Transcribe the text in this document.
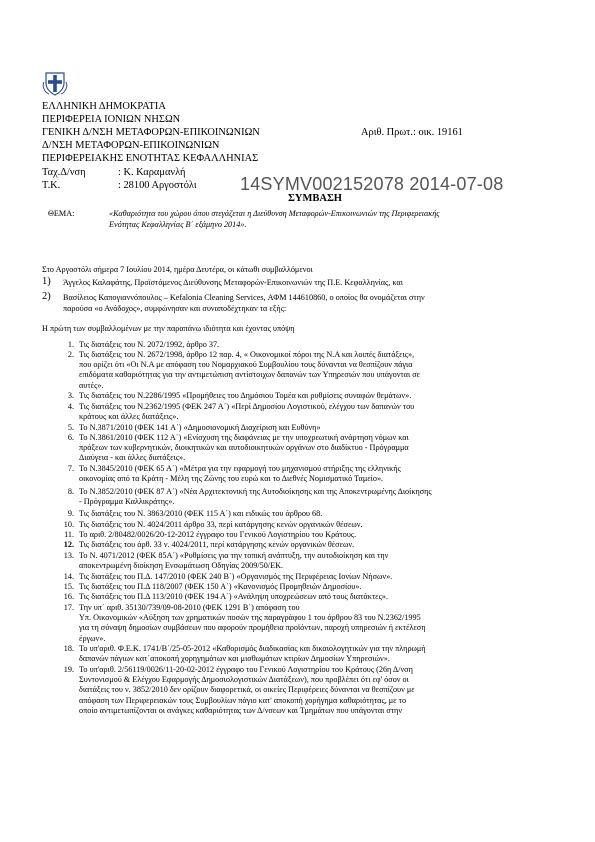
ΕΛΛΗΝΙΚΗ ΔΗΜΟΚΡΑΤΙΑ
ΠΕΡΙΦΕΡΕΙΑ ΙΟΝΙΩΝ ΝΗΣΩΝ
ΓΕΝΙΚΗ Δ/ΝΣΗ ΜΕΤΑΦΟΡΩΝ-ΕΠΙΚΟΙΝΩΝΙΩΝ	Αριθ. Πρωτ.: οικ. 19161
Δ/ΝΣΗ ΜΕΤΑΦΟΡΩΝ-ΕΠΙΚΟΙΝΩΝΙΩΝ
ΠΕΡΙΦΕΡΕΙΑΚΗΣ ΕΝΟΤΗΤΑΣ ΚΕΦΑΛΛΗΝΙΑΣ
Ταχ.Δ/νση	: Κ. Καραμανλή
Τ.Κ.	: 28100 Αργοστόλι 14SYMV002152078 2014-07-08
ΣΥΜΒΑΣΗ
ΘΕΜΑ:	«Καθαριότητα του χώρου όπου στεγάζεται η Διεύθυνση Μεταφορών-Επικοινωνιών της Περιφερειακής
Ενότητας Κεφαλληνίας Β΄ εξάμηνο 2014».
Στο Αργοστόλι σήμερα 7 Ιουλίου 2014, ημέρα Δευτέρα, οι κάτωθι συμβαλλόμενοι
1) Άγγελος Καλαφάτης, Προϊστάμενος Διεύθυνσης Μεταφορών-Επικοινωνιών της Π.Ε. Κεφαλληνίας, και
2) Βασίλειος Καπογιαννόπουλος – Kefalonia Cleaning Services, ΑΦΜ 144610860, ο οποίος θα ονομάζεται στην
παρούσα «ο Ανάδοχος», συμφώνησαν και συναποδέχτηκαν τα εξής:
Η πρώτη των συμβαλλομένων με την παραπάνω ιδιότητα και έχοντας υπόψη
1. Τις διατάξεις του Ν. 2072/1992, άρθρο 37.
2. Τις διατάξεις του Ν. 2672/1998, άρθρο 12 παρ. 4, « Οικονομικοί πόροι της Ν.Α και λοιπές διατάξεις»,
που ορίζει ότι «Οι Ν.Α με απόφαση του Νομαρχιακού Συμβουλίου τους δύνανται να θεσπίζουν πάγια
επιδόματα καθαριότητας για την αντιμετώπιση αντίστοιχων δαπανών των Υπηρεσιών που υπάγονται σε
αυτές».
3. Τις διατάξεις του Ν.2286/1995 «Προμήθειες του Δημόσιου Τομέα και ρυθμίσεις συναφών θεμάτων».
4. Τις διατάξεις του Ν.2362/1995 (ΦΕΚ 247 Α΄) «Περί Δημοσίου Λογιστικού, ελέγχου των δαπανών του
κράτους και άλλες διατάξεις».
5. Το Ν.3871/2010 (ΦΕΚ 141 Α΄) «Δημοσιονομική Διαχείριση και Ευθύνη»
6. Το Ν.3861/2010 (ΦΕΚ 112 Α΄) «Ενίσχυση της διαφάνειας με την υποχρεωτική ανάρτηση νόμων και
πράξεων των κυβερνητικών, διοικητικών και αυτοδιοικητικών οργάνων στο διαδίκτυο - Πρόγραμμα
Διαύγεια - και άλλες διατάξεις».
7. Το Ν.3845/2010 (ΦΕΚ 65 Α΄) «Μέτρα για την εφαρμογή του μηχανισμού στήριξης της ελληνικής
οικονομίας από τα Κράτη - Μέλη της Ζώνης του ευρώ και το Διεθνές Νομισματικό Ταμείο».
8. Το Ν.3852/2010 (ΦΕΚ 87 Α΄) «Νέα Αρχιτεκτονική της Αυτοδιοίκησης και της Αποκεντρωμένης Διοίκησης
- Πρόγραμμα Καλλικράτης».
9. Τις διατάξεις του Ν. 3863/2010 (ΦΕΚ 115 Α΄) και ειδικώς του άρθρου 68.
10. Τις διατάξεις του Ν. 4024/2011 άρθρο 33, περί κατάργησης κενών οργανικών θέσεων.
11. Το αριθ. 2/80482/0026/20-12-2012 έγγραφο του Γενικού Λογιστηρίου του Κράτους.
12. Τις διατάξεις του άρθ. 33 ν. 4024/2011, περί κατάργησης κενών οργανικών θέσεων.
13. Το Ν. 4071/2012 (ΦΕΚ 85Α΄) «Ρυθμίσεις για την τοπική ανάπτυξη, την αυτοδιοίκηση και την
αποκεντρωμένη διοίκηση Ενσωμάτωση Οδηγίας 2009/50/ΕΚ.
14. Τις διατάξεις του Π.Δ. 147/2010 (ΦΕΚ 240 Β΄) «Οργανισμός της Περιφέρειας Ιονίων Νήσων».
15. Τις διατάξεις του Π.Δ 118/2007 (ΦΕΚ 150 Α΄) «Κανονισμός Προμηθειών Δημοσίου».
16. Τις διατάξεις του Π.Δ 113/2010 (ΦΕΚ 194 Α΄) «Ανάληψη υποχρεώσεων από τους διατάκτες».
17. Την υπ΄ αριθ. 35130/739/09-08-2010 (ΦΕΚ 1291 Β΄) απόφαση του
Υπ. Οικονομικών «Αύξηση των χρηματικών ποσών της παραγράφου 1 του άρθρου 83 του Ν.2362/1995
για τη σύναψη δημοσίων συμβάσεων που αφορούν προμήθεια προϊόντων, παροχή υπηρεσιών ή εκτέλεση
έργων».
18. Το υπ'αριθ. Φ.Ε.Κ. 1741/Β΄/25-05-2012 «Καθορισμός διαδικασίας και δικαιολογητικών για την πληρωμή
δαπανών πάγιων κατ΄αποκοπή χορηγημάτων και μισθωμάτων κτιρίων Δημοσίων Υπηρεσιών».
19. Το υπ'αριθ. 2/56119/0026/11-20-02-2012 έγγραφο του Γενικού Λογιστηρίου του Κράτους (26η Δ/νση
Συντονισμού & Ελέγχου Εφαρμογής Δημοσιολογιστικών Διατάξεων), που προβλέπει ότι εφ' όσον οι
διατάξεις του ν. 3852/2010 δεν ορίζουν διαφορετικά, οι οικείες Περιφέρειες δύνανται να θεσπίζουν με
απόφαση των Περιφερειακών τους Συμβουλίων πάγιο κατ' αποκοπή χορήγημα καθαριότητας, με το
οποίο αντιμετωπίζονται οι ανάγκες καθαριότητας των Δ/νσεων και Τμημάτων που υπάγονται στην
